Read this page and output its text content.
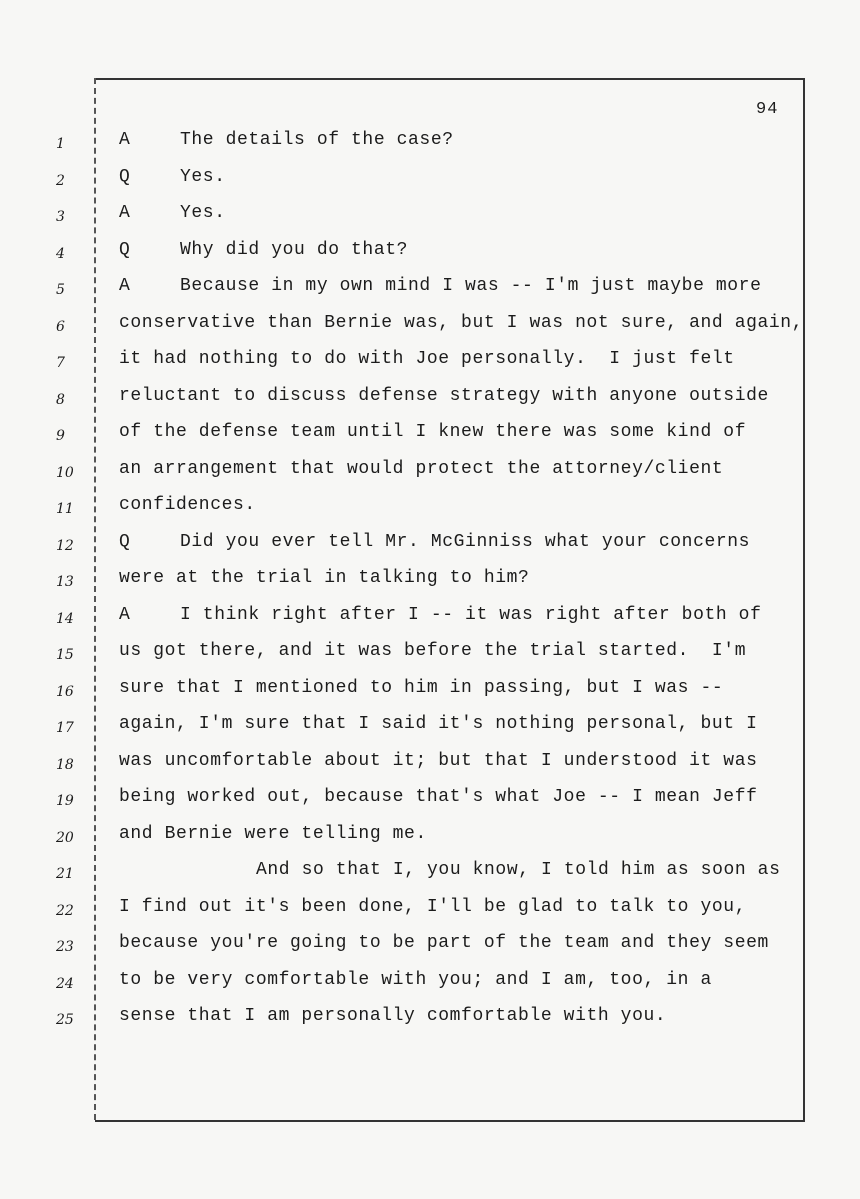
94
1	A	The details of the case?
2	Q	Yes.
3	A	Yes.
4	Q	Why did you do that?
5	A	Because in my own mind I was -- I'm just maybe more
6	conservative than Bernie was, but I was not sure, and again,
7	it had nothing to do with Joe personally.  I just felt
8	reluctant to discuss defense strategy with anyone outside
9	of the defense team until I knew there was some kind of
10	an arrangement that would protect the attorney/client
11	confidences.
12	Q	Did you ever tell Mr. McGinniss what your concerns
13	were at the trial in talking to him?
14	A	I think right after I -- it was right after both of
15	us got there, and it was before the trial started.  I'm
16	sure that I mentioned to him in passing, but I was --
17	again, I'm sure that I said it's nothing personal, but I
18	was uncomfortable about it; but that I understood it was
19	being worked out, because that's what Joe -- I mean Jeff
20	and Bernie were telling me.
21	And so that I, you know, I told him as soon as
22	I find out it's been done, I'll be glad to talk to you,
23	because you're going to be part of the team and they seem
24	to be very comfortable with you; and I am, too, in a
25	sense that I am personally comfortable with you.
